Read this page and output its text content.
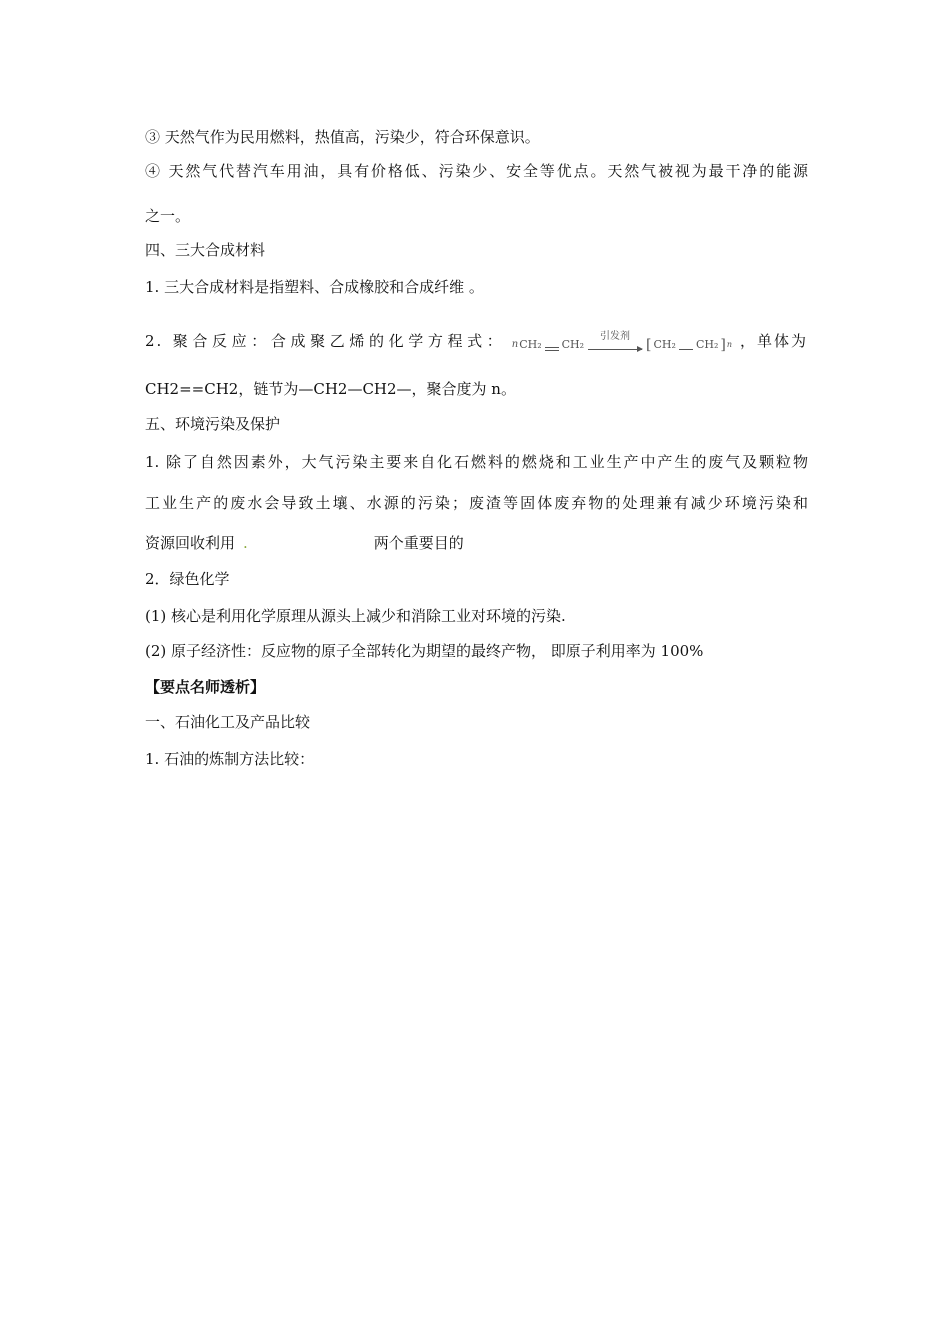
③ 天然气作为民用燃料，热值高，污染少，符合环保意识。
④ 天然气代替汽车用油，具有价格低、污染少、安全等优点。天然气被视为最干净的能源
之一。
四、三大合成材料
1. 三大合成材料是指塑料、合成橡胶和合成纤维 。
2. 聚合反应：合成聚乙烯的化学方程式： n CH₂ CH₂
引发剂
[ CH₂ CH₂ ] n ，单体为
CH2==CH2，链节为—CH2—CH2—，聚合度为 n。
五、环境污染及保护
1. 除了自然因素外，大气污染主要来自化石燃料的燃烧和工业生产中产生的废气及颗粒物
工业生产的废水会导致土壤、水源的污染；废渣等固体废弃物的处理兼有减少环境污染和
资源回收利用 .	两个重要目的
2．绿色化学
(1) 核心是利用化学原理从源头上减少和消除工业对环境的污染.
(2) 原子经济性：反应物的原子全部转化为期望的最终产物， 即原子利用率为 100%
【要点名师透析】
一、石油化工及产品比较
1. 石油的炼制方法比较：
